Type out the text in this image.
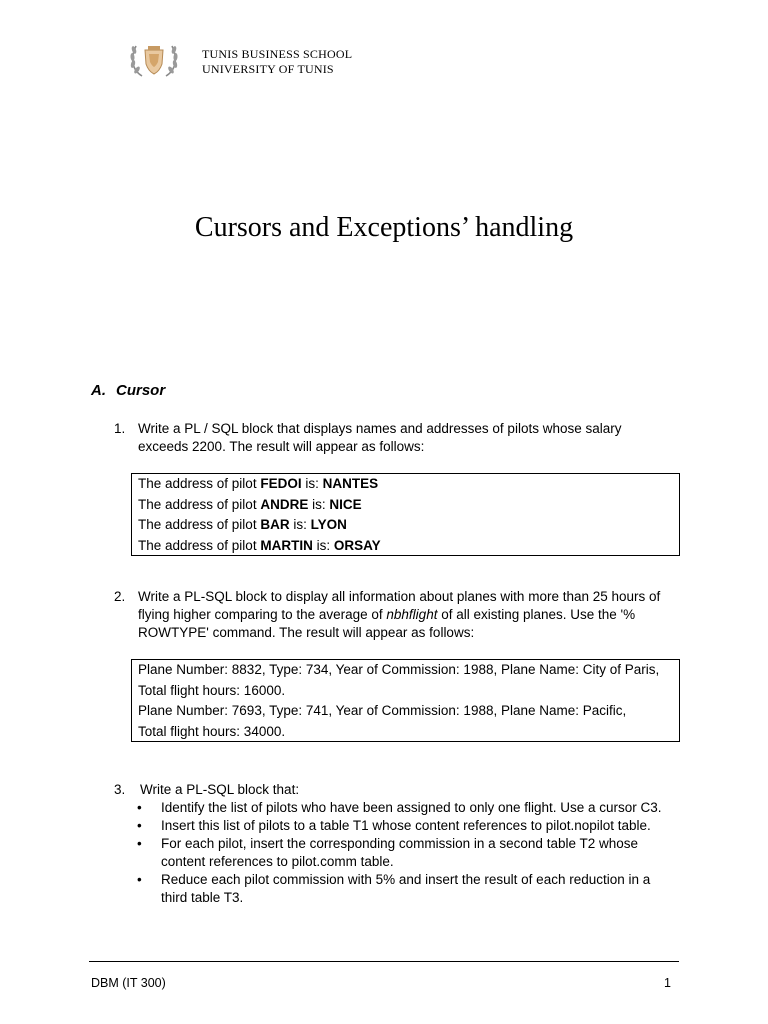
TUNIS BUSINESS SCHOOL
UNIVERSITY OF TUNIS
Cursors and Exceptions’ handling
A. Cursor
1. Write a PL / SQL block that displays names and addresses of pilots whose salary exceeds 2200. The result will appear as follows:
The address of pilot FEDOI is: NANTES
The address of pilot ANDRE is: NICE
The address of pilot BAR is: LYON
The address of pilot MARTIN is: ORSAY
2. Write a PL-SQL block to display all information about planes with more than 25 hours of flying higher comparing to the average of nbhflight of all existing planes. Use the '% ROWTYPE' command. The result will appear as follows:
Plane Number: 8832, Type: 734, Year of Commission: 1988, Plane Name: City of Paris,
Total flight hours: 16000.
Plane Number: 7693, Type: 741, Year of Commission: 1988, Plane Name: Pacific,
Total flight hours: 34000.
3. Write a PL-SQL block that:
• Identify the list of pilots who have been assigned to only one flight. Use a cursor C3.
• Insert this list of pilots to a table T1 whose content references to pilot.nopilot table.
• For each pilot, insert the corresponding commission in a second table T2 whose content references to pilot.comm table.
• Reduce each pilot commission with 5% and insert the result of each reduction in a third table T3.
DBM (IT 300)	1
